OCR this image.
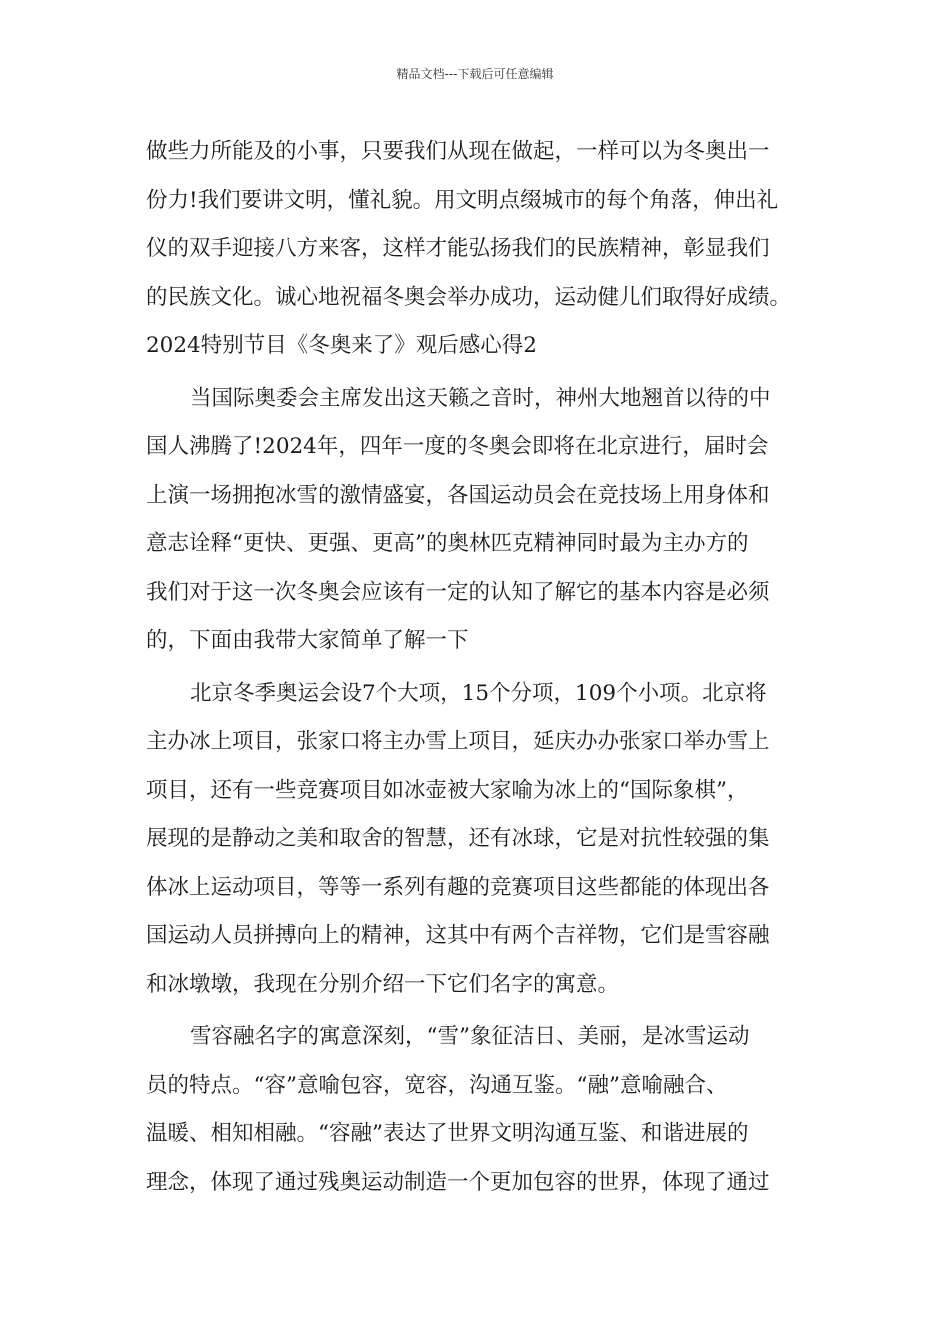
精品文档---下载后可任意编辑

做些力所能及的小事，只要我们从现在做起，一样可以为冬奥出一
份力!我们要讲文明，懂礼貌。用文明点缀城市的每个角落，伸出礼
仪的双手迎接八方来客，这样才能弘扬我们的民族精神，彰显我们
的民族文化。诚心地祝福冬奥会举办成功，运动健儿们取得好成绩。

2024特别节目《冬奥来了》观后感心得2

当国际奥委会主席发出这天籁之音时，神州大地翘首以待的中
国人沸腾了!2024年，四年一度的冬奥会即将在北京进行，届时会
上演一场拥抱冰雪的激情盛宴，各国运动员会在竞技场上用身体和
意志诠释“更快、更强、更高”的奥林匹克精神同时最为主办方的
我们对于这一次冬奥会应该有一定的认知了解它的基本内容是必须
的，下面由我带大家简单了解一下

北京冬季奥运会设7个大项，15个分项，109个小项。北京将
主办冰上项目，张家口将主办雪上项目，延庆办办张家口举办雪上
项目，还有一些竞赛项目如冰壶被大家喻为冰上的“国际象棋”，
展现的是静动之美和取舍的智慧，还有冰球，它是对抗性较强的集
体冰上运动项目，等等一系列有趣的竞赛项目这些都能的体现出各
国运动人员拼搏向上的精神，这其中有两个吉祥物，它们是雪容融
和冰墩墩，我现在分别介绍一下它们名字的寓意。

雪容融名字的寓意深刻，“雪”象征洁日、美丽，是冰雪运动
员的特点。“容”意喻包容，宽容，沟通互鉴。“融”意喻融合、
温暖、相知相融。“容融”表达了世界文明沟通互鉴、和谐进展的
理念，体现了通过残奥运动制造一个更加包容的世界，体现了通过
